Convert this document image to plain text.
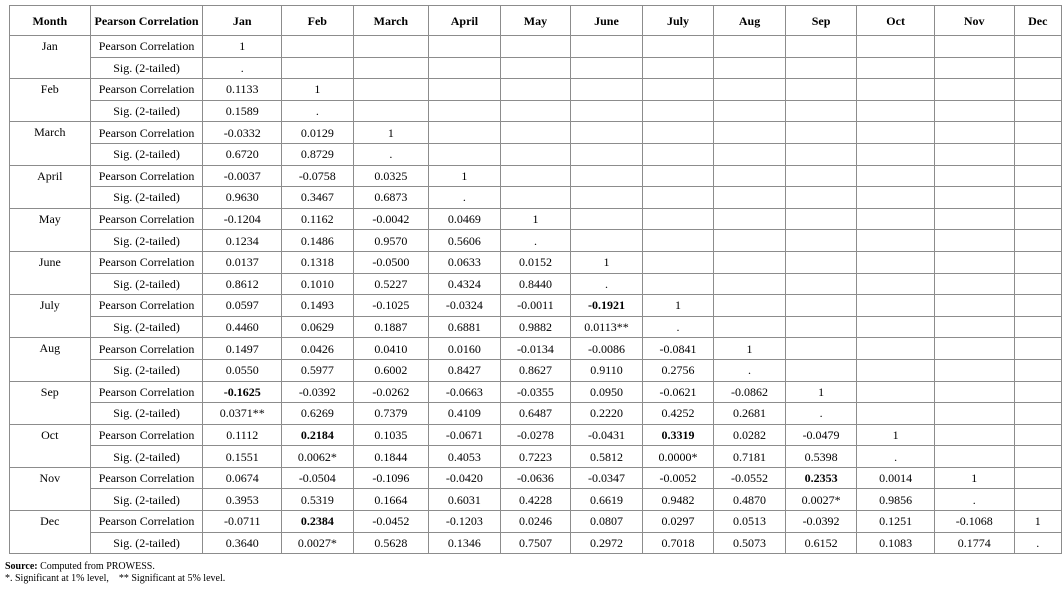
Month	Pearson Correlation	Jan	Feb	March	April	May	June	July	Aug	Sep	Oct	Nov	Dec
Jan	Pearson Correlation	1											
	Sig. (2-tailed)	.											
Feb	Pearson Correlation	0.1133	1										
	Sig. (2-tailed)	0.1589	.										
March	Pearson Correlation	-0.0332	0.0129	1									
	Sig. (2-tailed)	0.6720	0.8729	.									
April	Pearson Correlation	-0.0037	-0.0758	0.0325	1								
	Sig. (2-tailed)	0.9630	0.3467	0.6873	.								
May	Pearson Correlation	-0.1204	0.1162	-0.0042	0.0469	1							
	Sig. (2-tailed)	0.1234	0.1486	0.9570	0.5606	.							
June	Pearson Correlation	0.0137	0.1318	-0.0500	0.0633	0.0152	1						
	Sig. (2-tailed)	0.8612	0.1010	0.5227	0.4324	0.8440	.						
July	Pearson Correlation	0.0597	0.1493	-0.1025	-0.0324	-0.0011	-0.1921	1					
	Sig. (2-tailed)	0.4460	0.0629	0.1887	0.6881	0.9882	0.0113**	.					
Aug	Pearson Correlation	0.1497	0.0426	0.0410	0.0160	-0.0134	-0.0086	-0.0841	1				
	Sig. (2-tailed)	0.0550	0.5977	0.6002	0.8427	0.8627	0.9110	0.2756	.				
Sep	Pearson Correlation	-0.1625	-0.0392	-0.0262	-0.0663	-0.0355	0.0950	-0.0621	-0.0862	1			
	Sig. (2-tailed)	0.0371**	0.6269	0.7379	0.4109	0.6487	0.2220	0.4252	0.2681	.			
Oct	Pearson Correlation	0.1112	0.2184	0.1035	-0.0671	-0.0278	-0.0431	0.3319	0.0282	-0.0479	1		
	Sig. (2-tailed)	0.1551	0.0062*	0.1844	0.4053	0.7223	0.5812	0.0000*	0.7181	0.5398	.		
Nov	Pearson Correlation	0.0674	-0.0504	-0.1096	-0.0420	-0.0636	-0.0347	-0.0052	-0.0552	0.2353	0.0014	1	
	Sig. (2-tailed)	0.3953	0.5319	0.1664	0.6031	0.4228	0.6619	0.9482	0.4870	0.0027*	0.9856	.	
Dec	Pearson Correlation	-0.0711	0.2384	-0.0452	-0.1203	0.0246	0.0807	0.0297	0.0513	-0.0392	0.1251	-0.1068	1
	Sig. (2-tailed)	0.3640	0.0027*	0.5628	0.1346	0.7507	0.2972	0.7018	0.5073	0.6152	0.1083	0.1774	.
Source: Computed from PROWESS.
*. Significant at 1% level,    ** Significant at 5% level.
